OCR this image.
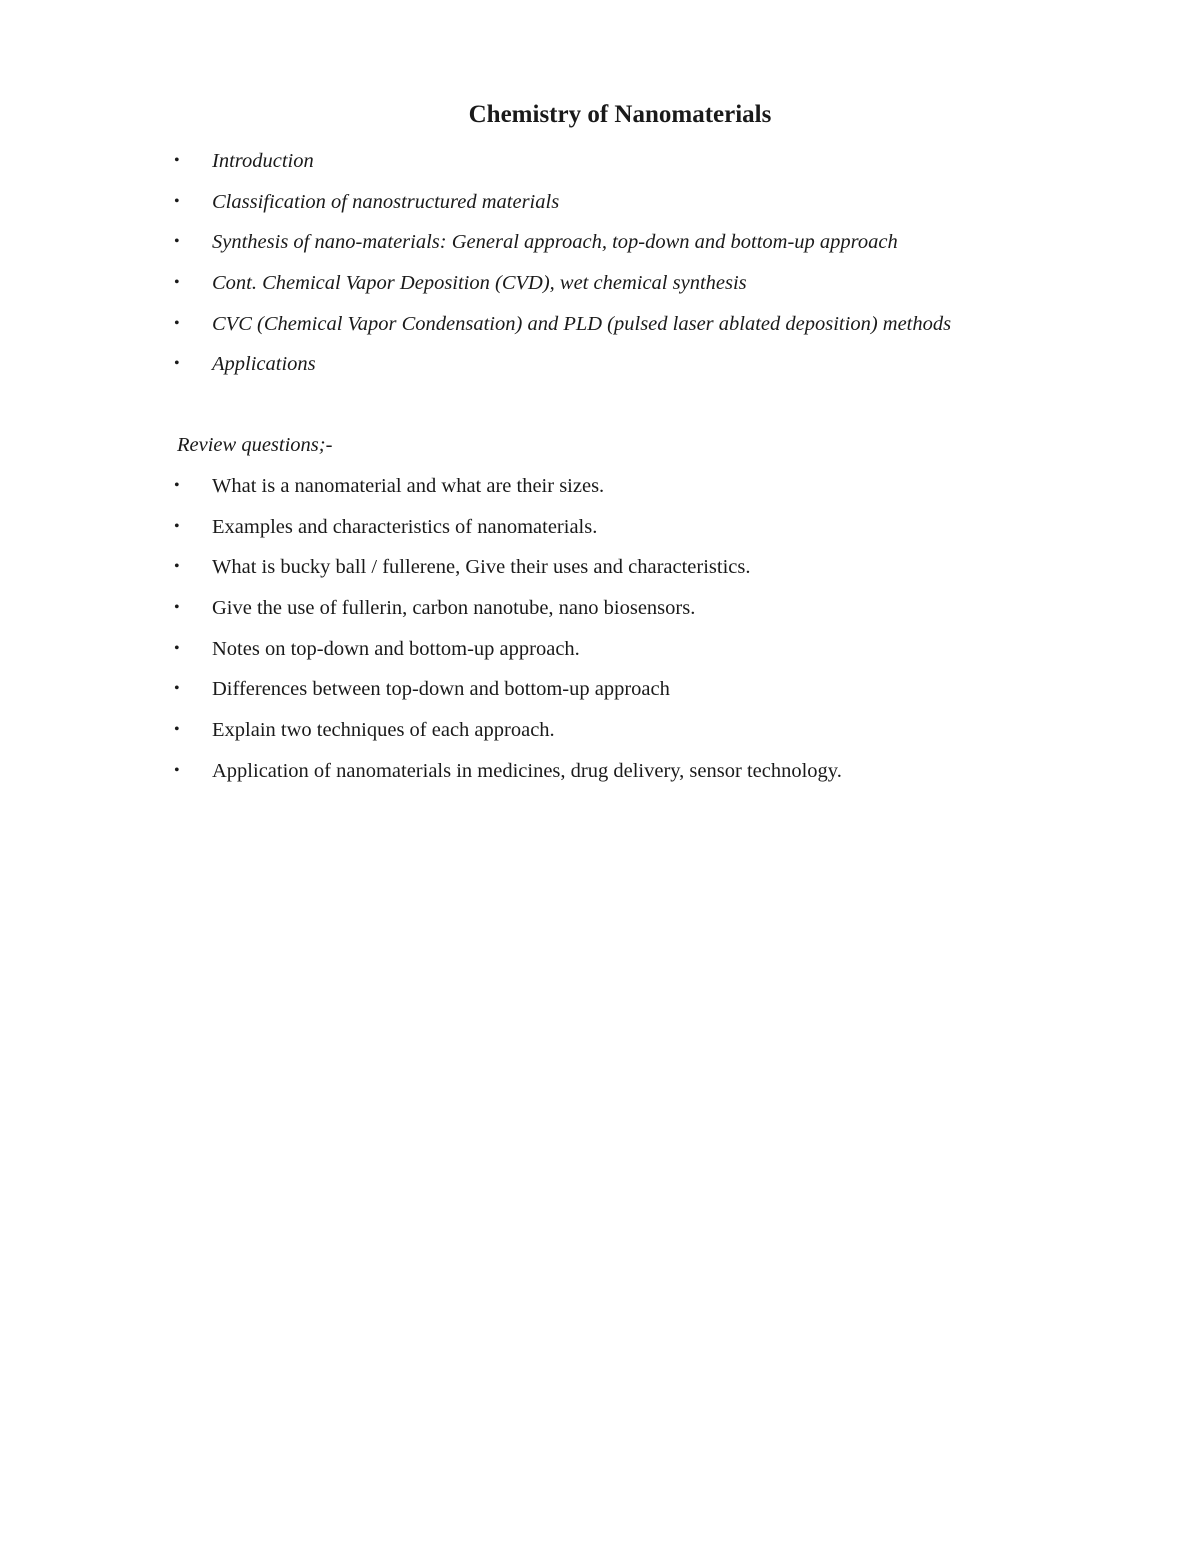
Chemistry of Nanomaterials
• Introduction
• Classification of nanostructured materials
• Synthesis of nano-materials: General approach, top-down and bottom-up approach
• Cont. Chemical Vapor Deposition (CVD), wet chemical synthesis
• CVC (Chemical Vapor Condensation) and PLD (pulsed laser ablated deposition) methods
• Applications

Review questions;-

• What is a nanomaterial and what are their sizes.
• Examples and characteristics of nanomaterials.
• What is bucky ball / fullerene, Give their uses and characteristics.
• Give the use of fullerin, carbon nanotube, nano biosensors.
• Notes on top-down and bottom-up approach.
• Differences between top-down and bottom-up approach
• Explain two techniques of each approach.
• Application of nanomaterials in medicines, drug delivery, sensor technology.
